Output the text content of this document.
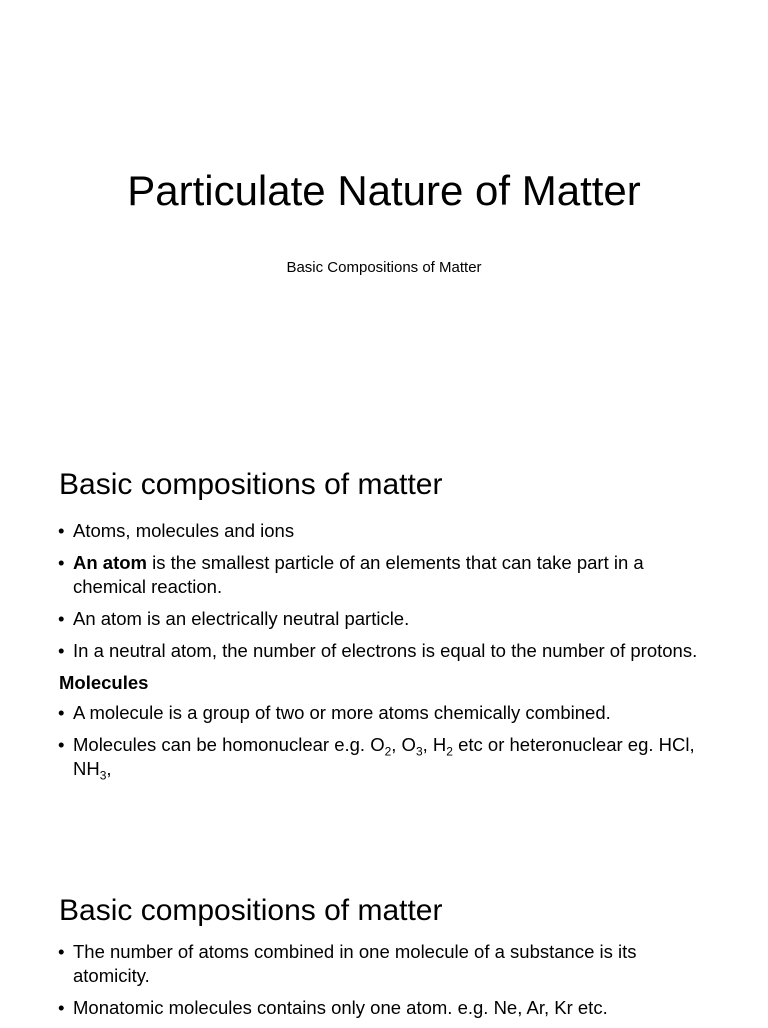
Particulate Nature of Matter

Basic Compositions of Matter

Basic compositions of matter
• Atoms, molecules and ions
• An atom is the smallest particle of an elements that can take part in a chemical reaction.
• An atom is an electrically neutral particle.
• In a neutral atom, the number of electrons is equal to the number of protons.
Molecules
• A molecule is a group of two or more atoms chemically combined.
• Molecules can be homonuclear e.g. $O_2$, $O_3$, $H_2$ etc or heteronuclear eg. HCl, $NH_3$,
Basic compositions of matter
• The number of atoms combined in one molecule of a substance is its atomicity.
• Monatomic molecules contains only one atom. e.g. Ne, Ar, Kr etc.
